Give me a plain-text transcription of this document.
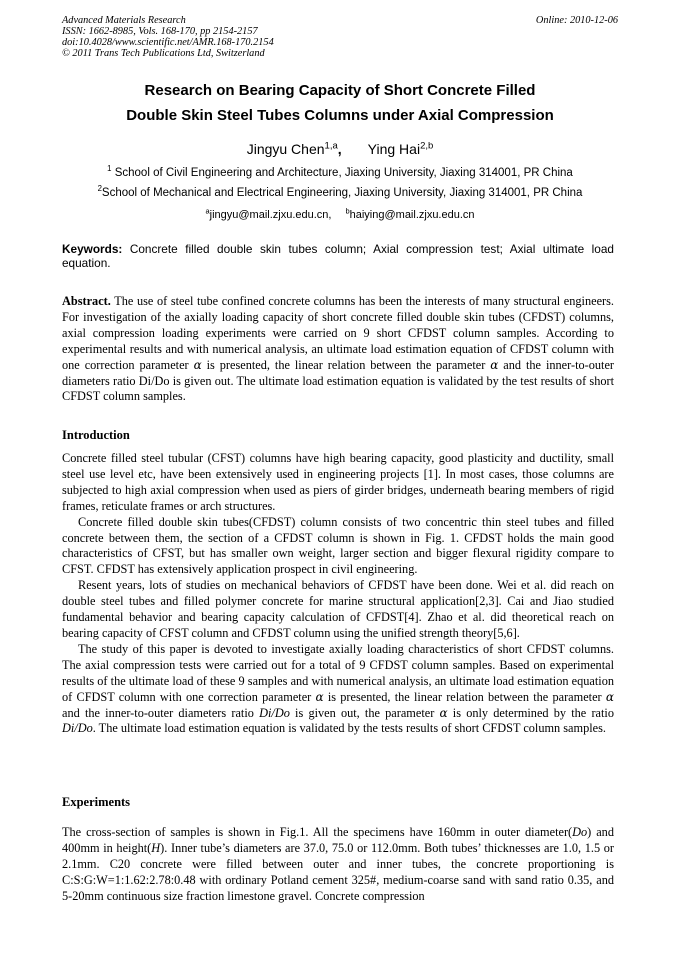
Advanced Materials Research
ISSN: 1662-8985, Vols. 168-170, pp 2154-2157
doi:10.4028/www.scientific.net/AMR.168-170.2154
© 2011 Trans Tech Publications Ltd, Switzerland
Online: 2010-12-06
Research on Bearing Capacity of Short Concrete Filled
Double Skin Steel Tubes Columns under Axial Compression
Jingyu Chen$^{1,a}$, Ying Hai$^{2,b}$
$^1$ School of Civil Engineering and Architecture, Jiaxing University, Jiaxing 314001, PR China
$^2$School of Mechanical and Electrical Engineering, Jiaxing University, Jiaxing 314001, PR China
$^a$jingyu@mail.zjxu.edu.cn, $^b$haiying@mail.zjxu.edu.cn
Keywords: Concrete filled double skin tubes column; Axial compression test; Axial ultimate load equation.
Abstract. The use of steel tube confined concrete columns has been the interests of many structural engineers. For investigation of the axially loading capacity of short concrete filled double skin tubes (CFDST) columns, axial compression loading experiments were carried on 9 short CFDST column samples. According to experimental results and with numerical analysis, an ultimate load estimation equation of CFDST column with one correction parameter α is presented, the linear relation between the parameter α and the inner-to-outer diameters ratio Di/Do is given out. The ultimate load estimation equation is validated by the test results of short CFDST column samples.
Introduction

Concrete filled steel tubular (CFST) columns have high bearing capacity, good plasticity and ductility, small steel use level etc, have been extensively used in engineering projects [1]. In most cases, those columns are subjected to high axial compression when used as piers of girder bridges, underneath bearing members of rigid frames, reticulate frames or arch structures.

Concrete filled double skin tubes(CFDST) column consists of two concentric thin steel tubes and filled concrete between them, the section of a CFDST column is shown in Fig. 1. CFDST holds the main good characteristics of CFST, but has smaller own weight, larger section and bigger flexural rigidity compare to CFST. CFDST has extensively application prospect in civil engineering.

Resent years, lots of studies on mechanical behaviors of CFDST have been done. Wei et al. did reach on double steel tubes and filled polymer concrete for marine structural application[2,3]. Cai and Jiao studied fundamental behavior and bearing capacity calculation of CFDST[4]. Zhao et al. did theoretical reach on bearing capacity of CFST column and CFDST column using the unified strength theory[5,6].

The study of this paper is devoted to investigate axially loading characteristics of short CFDST columns. The axial compression tests were carried out for a total of 9 CFDST column samples. Based on experimental results of the ultimate load of these 9 samples and with numerical analysis, an ultimate load estimation equation of CFDST column with one correction parameter α is presented, the linear relation between the parameter α and the inner-to-outer diameters ratio Di/Do is given out, the parameter α is only determined by the ratio Di/Do. The ultimate load estimation equation is validated by the tests results of short CFDST column samples.

Experiments

The cross-section of samples is shown in Fig.1. All the specimens have 160mm in outer diameter(Do) and 400mm in height(H). Inner tube’s diameters are 37.0, 75.0 or 112.0mm. Both tubes’ thicknesses are 1.0, 1.5 or 2.1mm. C20 concrete were filled between outer and inner tubes, the concrete proportioning is C:S:G:W=1:1.62:2.78:0.48 with ordinary Potland cement 325#, medium-coarse sand with sand ratio 0.35, and 5-20mm continuous size fraction limestone gravel. Concrete compression
